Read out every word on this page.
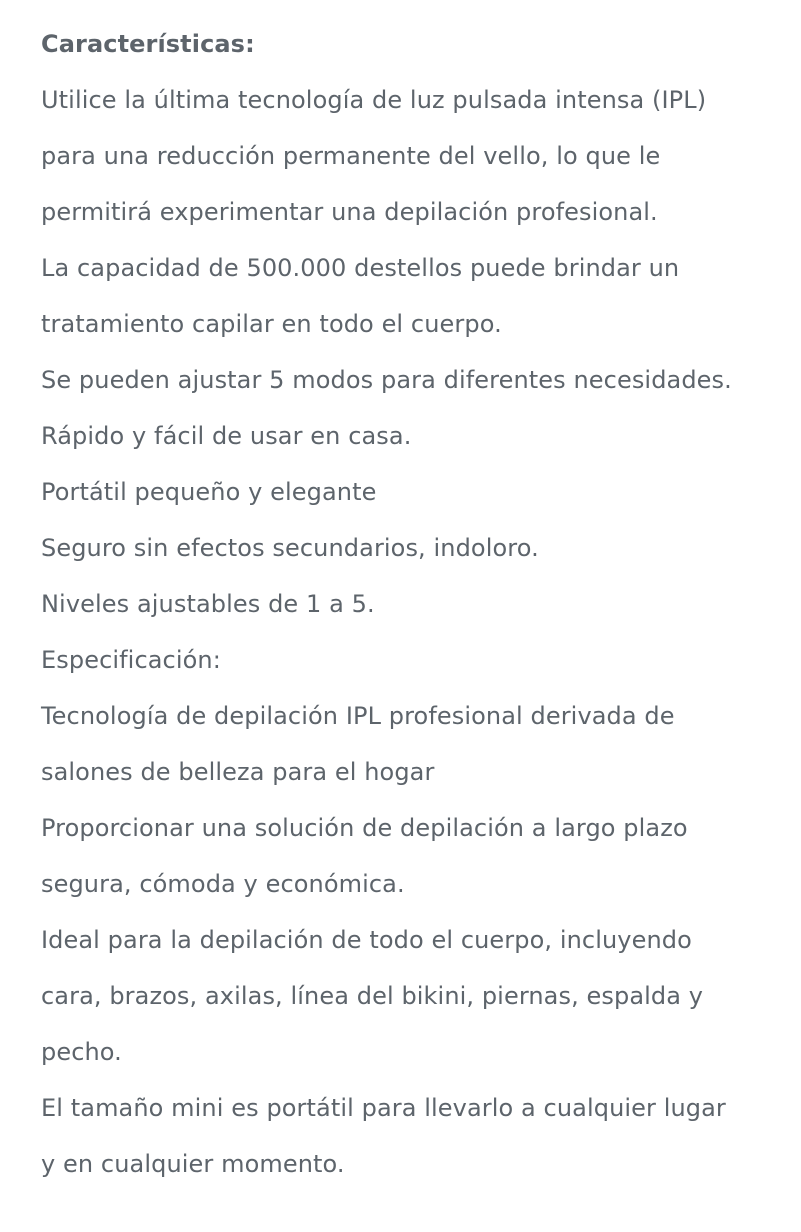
Características:
Utilice la última tecnología de luz pulsada intensa (IPL)
para una reducción permanente del vello, lo que le
permitirá experimentar una depilación profesional.
La capacidad de 500.000 destellos puede brindar un
tratamiento capilar en todo el cuerpo.
Se pueden ajustar 5 modos para diferentes necesidades.
Rápido y fácil de usar en casa.
Portátil pequeño y elegante
Seguro sin efectos secundarios, indoloro.
Niveles ajustables de 1 a 5.
Especificación:
Tecnología de depilación IPL profesional derivada de
salones de belleza para el hogar
Proporcionar una solución de depilación a largo plazo
segura, cómoda y económica.
Ideal para la depilación de todo el cuerpo, incluyendo
cara, brazos, axilas, línea del bikini, piernas, espalda y
pecho.
El tamaño mini es portátil para llevarlo a cualquier lugar
y en cualquier momento.
